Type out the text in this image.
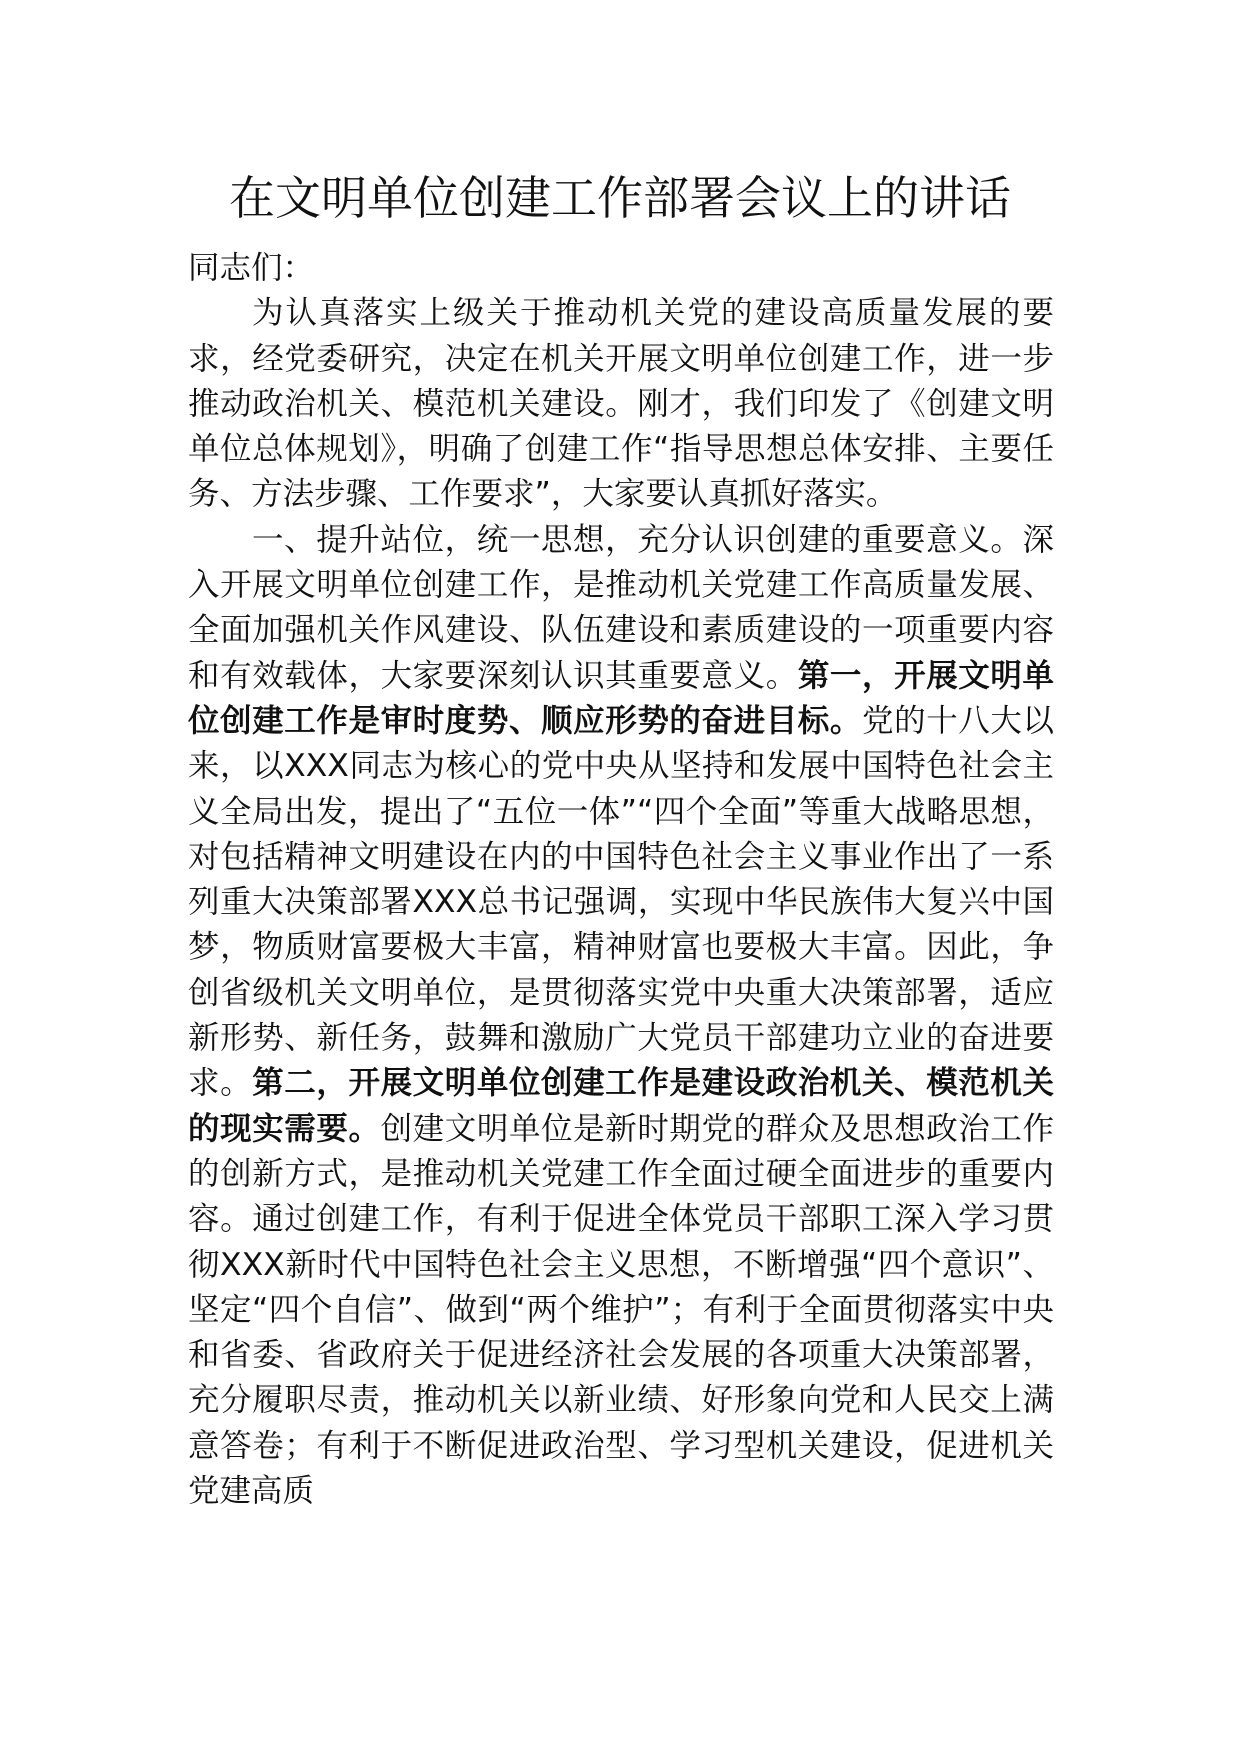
在文明单位创建工作部署会议上的讲话

同志们：

为认真落实上级关于推动机关党的建设高质量发展的要求，经党委研究，决定在机关开展文明单位创建工作，进一步推动政治机关、模范机关建设。刚才，我们印发了《创建文明单位总体规划》，明确了创建工作“指导思想总体安排、主要任务、方法步骤、工作要求”，大家要认真抓好落实。

一、提升站位，统一思想，充分认识创建的重要意义。深入开展文明单位创建工作，是推动机关党建工作高质量发展、全面加强机关作风建设、队伍建设和素质建设的一项重要内容和有效载体，大家要深刻认识其重要意义。第一，开展文明单位创建工作是审时度势、顺应形势的奋进目标。党的十八大以来，以XXX同志为核心的党中央从坚持和发展中国特色社会主义全局出发，提出了“五位一体”“四个全面”等重大战略思想，对包括精神文明建设在内的中国特色社会主义事业作出了一系列重大决策部署XXX总书记强调，实现中华民族伟大复兴中国梦，物质财富要极大丰富，精神财富也要极大丰富。因此，争创省级机关文明单位，是贯彻落实党中央重大决策部署，适应新形势、新任务，鼓舞和激励广大党员干部建功立业的奋进要求。第二，开展文明单位创建工作是建设政治机关、模范机关的现实需要。创建文明单位是新时期党的群众及思想政治工作的创新方式，是推动机关党建工作全面过硬全面进步的重要内容。通过创建工作，有利于促进全体党员干部职工深入学习贯彻XXX新时代中国特色社会主义思想，不断增强“四个意识”、坚定“四个自信”、做到“两个维护”；有利于全面贯彻落实中央和省委、省政府关于促进经济社会发展的各项重大决策部署，充分履职尽责，推动机关以新业绩、好形象向党和人民交上满意答卷；有利于不断促进政治型、学习型机关建设，促进机关党建高质
